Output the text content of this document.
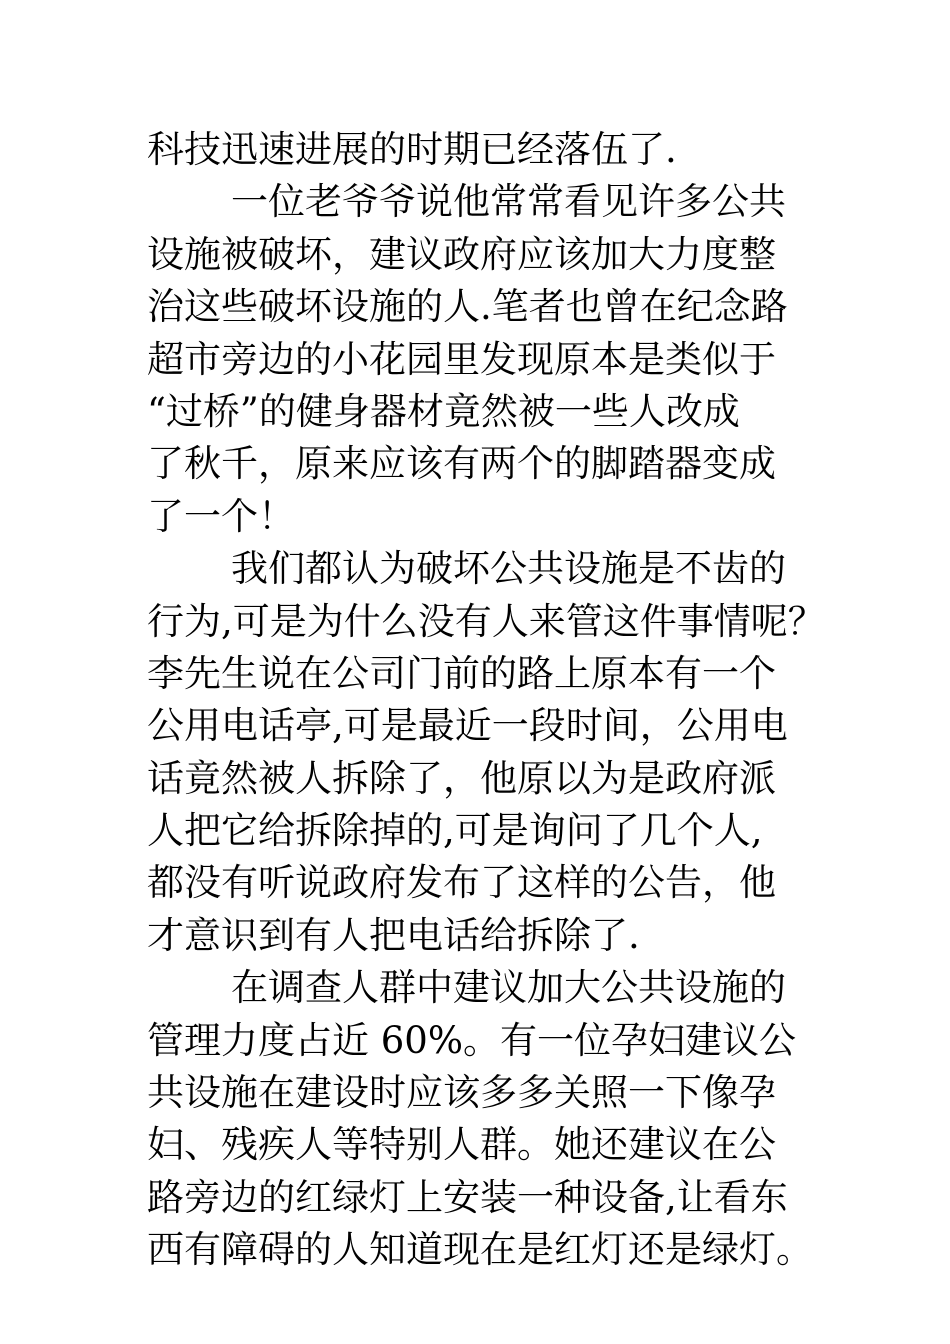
科技迅速进展的时期已经落伍了.
一位老爷爷说他常常看见许多公共
设施被破坏，建议政府应该加大力度整
治这些破坏设施的人.笔者也曾在纪念路
超市旁边的小花园里发现原本是类似于
“过桥”的健身器材竟然被一些人改成
了秋千，原来应该有两个的脚踏器变成
了一个！
我们都认为破坏公共设施是不齿的
行为,可是为什么没有人来管这件事情呢？
李先生说在公司门前的路上原本有一个
公用电话亭,可是最近一段时间，公用电
话竟然被人拆除了，他原以为是政府派
人把它给拆除掉的,可是询问了几个人,
都没有听说政府发布了这样的公告，他
才意识到有人把电话给拆除了.
在调查人群中建议加大公共设施的
管理力度占近 60%。有一位孕妇建议公
共设施在建设时应该多多关照一下像孕
妇、残疾人等特别人群。她还建议在公
路旁边的红绿灯上安装一种设备,让看东
西有障碍的人知道现在是红灯还是绿灯。
